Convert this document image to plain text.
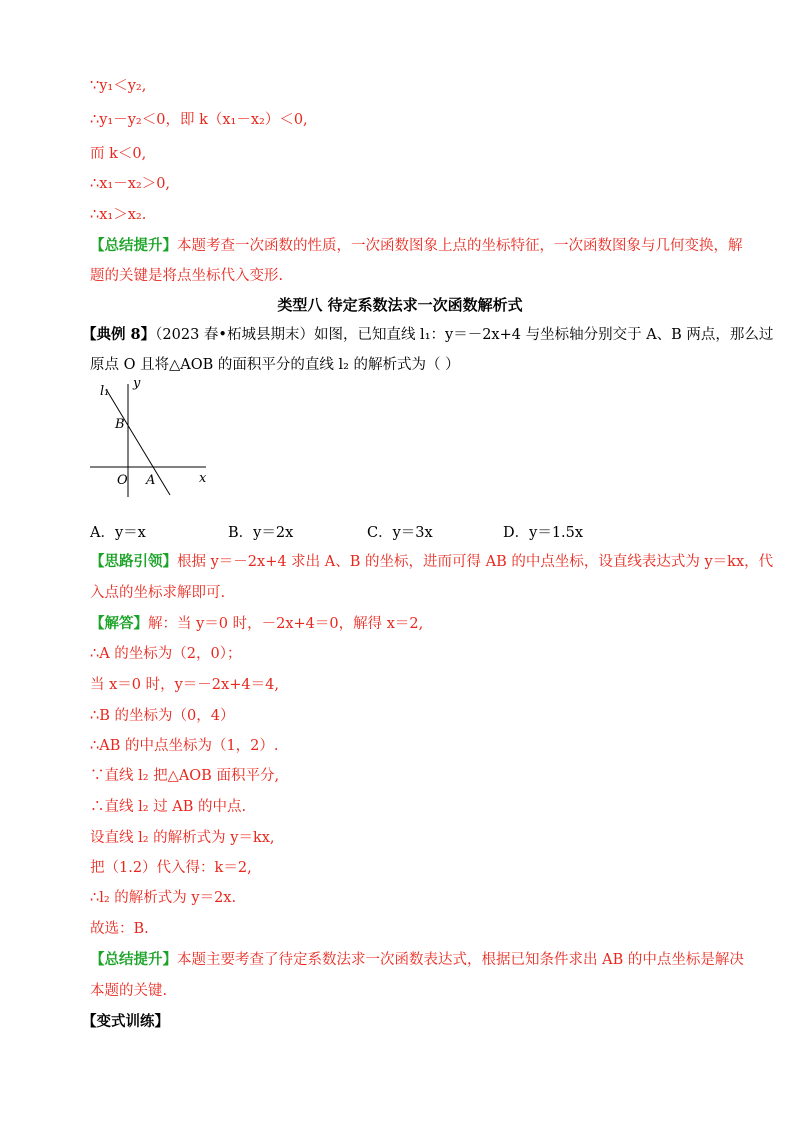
∵y₁＜y₂,
∴y₁－y₂＜0，即 k（x₁－x₂）＜0,
而 k＜0,
∴x₁－x₂＞0,
∴x₁＞x₂.
【总结提升】本题考查一次函数的性质，一次函数图象上点的坐标特征，一次函数图象与几何变换，解
题的关键是将点坐标代入变形.
类型八 待定系数法求一次函数解析式
【典例 8】（2023 春•柘城县期末）如图，已知直线 l₁：y＝－2x+4 与坐标轴分别交于 A、B 两点，那么过
原点 O 且将△AOB 的面积平分的直线 l₂ 的解析式为（ ）
l₁
y
B
O A	x
A．y＝x	B．y＝2x	C．y＝3x	D．y＝1.5x
【思路引领】根据 y＝－2x+4 求出 A、B 的坐标，进而可得 AB 的中点坐标，设直线表达式为 y＝kx，代
入点的坐标求解即可.
【解答】解：当 y＝0 时，－2x+4＝0，解得 x＝2,
∴A 的坐标为（2，0）；
当 x＝0 时，y＝－2x+4＝4,
∴B 的坐标为（0，4）
∴AB 的中点坐标为（1，2）.
∵直线 l₂ 把△AOB 面积平分,
∴直线 l₂ 过 AB 的中点.
设直线 l₂ 的解析式为 y＝kx,
把（1.2）代入得：k＝2,
∴l₂ 的解析式为 y＝2x.
故选：B.
【总结提升】本题主要考查了待定系数法求一次函数表达式，根据已知条件求出 AB 的中点坐标是解决
本题的关键.
【变式训练】
